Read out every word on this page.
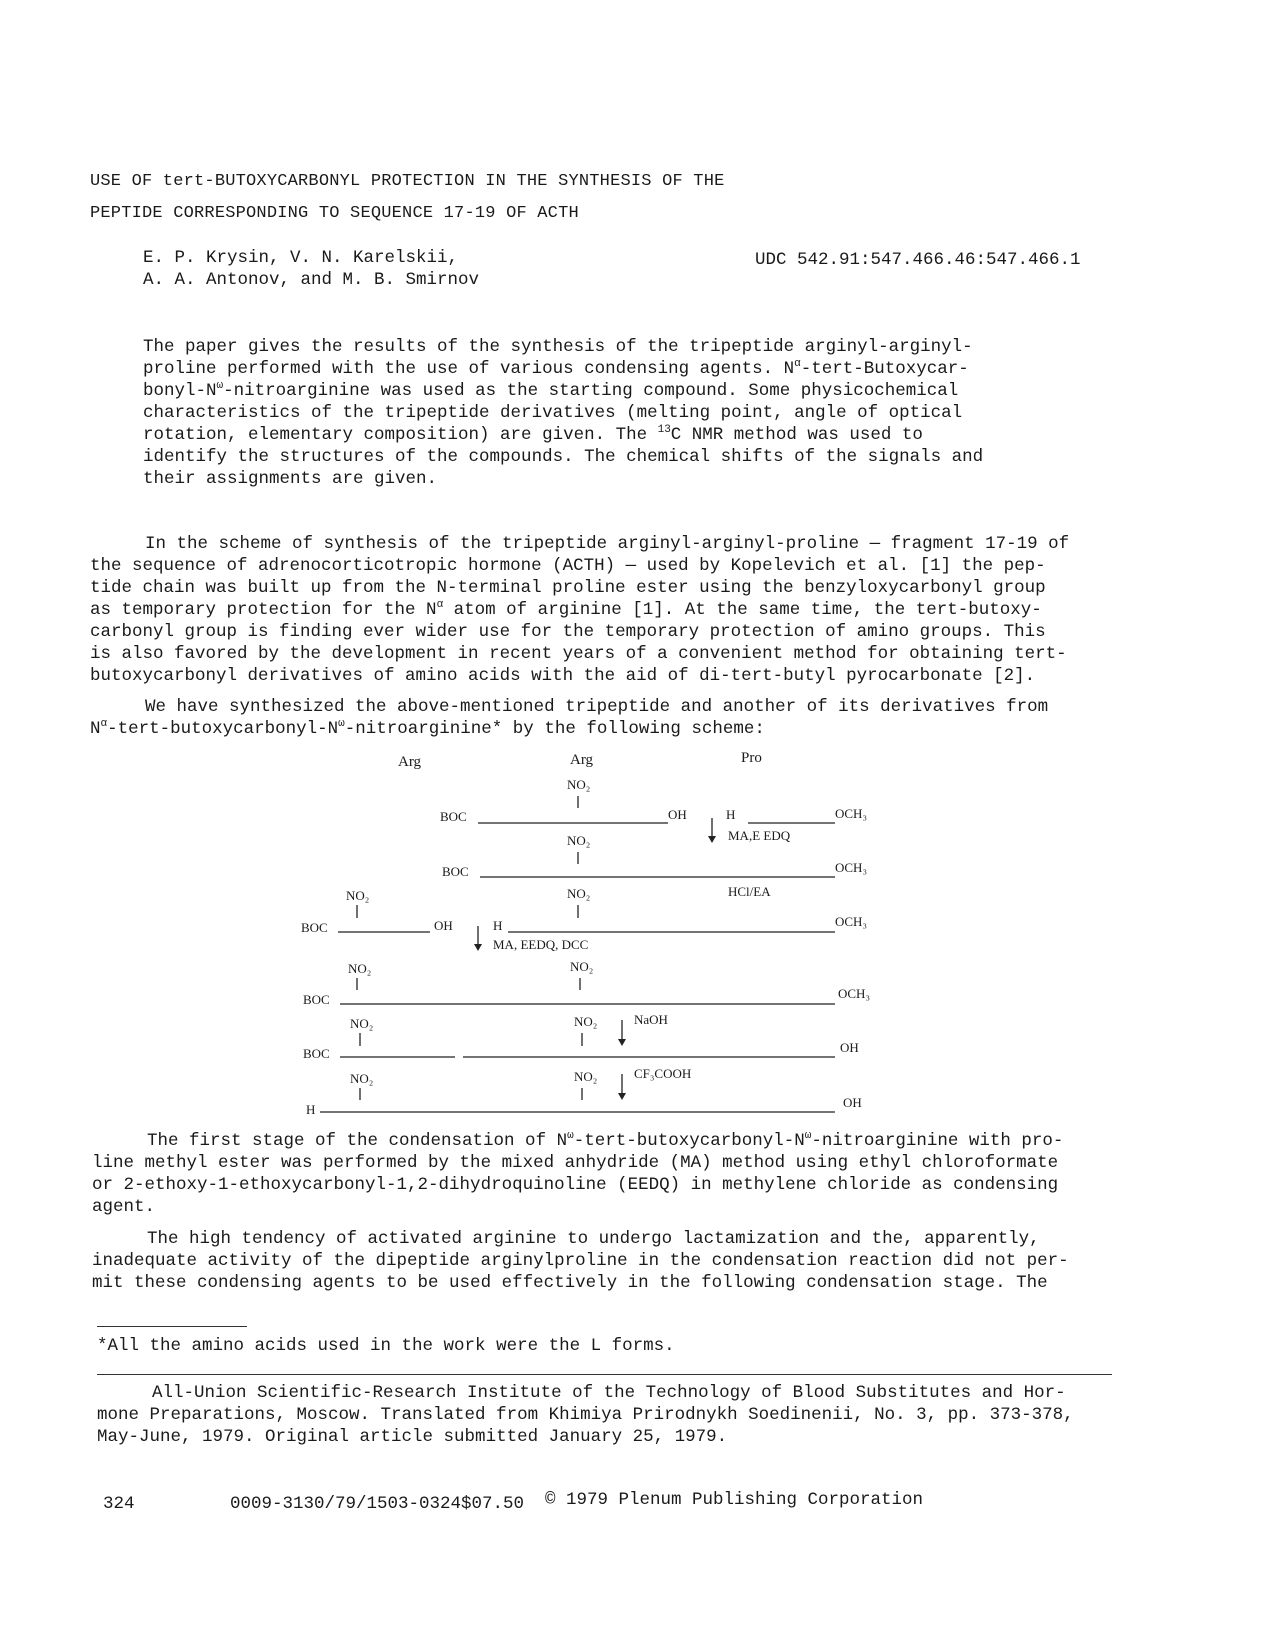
USE OF tert-BUTOXYCARBONYL PROTECTION IN THE SYNTHESIS OF THE
PEPTIDE CORRESPONDING TO SEQUENCE 17-19 OF ACTH
E. P. Krysin, V. N. Karelskii,
A. A. Antonov, and M. B. Smirnov
UDC 542.91:547.466.46:547.466.1
The paper gives the results of the synthesis of the tripeptide arginyl-arginyl-
proline performed with the use of various condensing agents. $N^\alpha-tert-Butoxycar-$
bonyl-$N^\omega$-nitroarginine was used as the starting compound. Some physicochemical
characteristics of the tripeptide derivatives (melting point, angle of optical
rotation, elementary composition) are given. The $^{13}$C NMR method was used to
identify the structures of the compounds. The chemical shifts of the signals and
their assignments are given.
In the scheme of synthesis of the tripeptide arginyl-arginyl-proline — fragment 17-19 of
the sequence of adrenocorticotropic hormone (ACTH) — used by Kopelevich et al. [1] the pep-
tide chain was built up from the N-terminal proline ester using the benzyloxycarbonyl group
as temporary protection for the $N^\alpha$ atom of arginine [1]. At the same time, the tert-butoxy-
carbonyl group is finding ever wider use for the temporary protection of amino groups. This
is also favored by the development in recent years of a convenient method for obtaining tert-
butoxycarbonyl derivatives of amino acids with the aid of di-tert-butyl pyrocarbonate [2].
We have synthesized the above-mentioned tripeptide and another of its derivatives from
$N^\alpha-tert-butoxycarbonyl-N^\omega-nitroarginine*$ by the following scheme:
Arg	Arg	Pro
NO₂
BOC	OH	H	OCH₃
MA,E EDQ
NO₂
BOC	OCH₃
NO₂	NO₂	HCl/EA
BOC	OH	H	OCH₃
MA, EEDQ, DCC
NO₂	NO₂
BOC	OCH₃
NO₂	NO₂	NaOH
BOC	OH
NO₂	NO₂	CF₃COOH
H	OH
The first stage of the condensation of $N^\omega-tert-butoxycarbonyl-N^\omega$-nitroarginine with pro-
line methyl ester was performed by the mixed anhydride (MA) method using ethyl chloroformate
or 2-ethoxy-1-ethoxycarbonyl-1,2-dihydroquinoline (EEDQ) in methylene chloride as condensing
agent.
The high tendency of activated arginine to undergo lactamization and the, apparently,
inadequate activity of the dipeptide arginylproline in the condensation reaction did not per-
mit these condensing agents to be used effectively in the following condensation stage. The
*All the amino acids used in the work were the L forms.
All-Union Scientific-Research Institute of the Technology of Blood Substitutes and Hor-
mone Preparations, Moscow. Translated from Khimiya Prirodnykh Soedinenii, No. 3, pp. 373-378,
May-June, 1979. Original article submitted January 25, 1979.
324	0009-3130/79/1503-0324$07.50 © 1979 Plenum Publishing Corporation
